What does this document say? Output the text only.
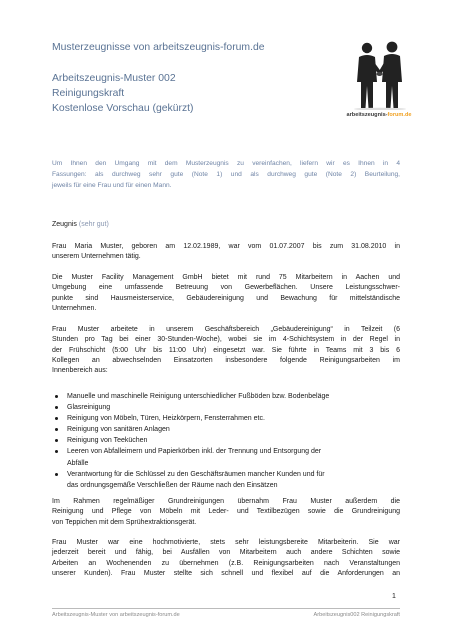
Musterzeugnisse von arbeitszeugnis-forum.de
Arbeitszeugnis-Muster 002
Reinigungskraft
Kostenlose Vorschau (gekürzt)
arbeitszeugnis-forum.de
Um Ihnen den Umgang mit dem Musterzeugnis zu vereinfachen, liefern wir es Ihnen in 4
Fassungen: als durchweg sehr gute (Note 1) und als durchweg gute (Note 2) Beurteilung,
jeweils für eine Frau und für einen Mann.
Zeugnis (sehr gut)
Frau Maria Muster, geboren am 12.02.1989, war vom 01.07.2007 bis zum 31.08.2010 in
unserem Unternehmen tätig.
Die Muster Facility Management GmbH bietet mit rund 75 Mitarbeitern in Aachen und
Umgebung eine umfassende Betreuung von Gewerbeflächen. Unsere Leistungsschwer-
punkte sind Hausmeisterservice, Gebäudereinigung und Bewachung für mittelständische
Unternehmen.
Frau Muster arbeitete in unserem Geschäftsbereich „Gebäudereinigung“ in Teilzeit (6
Stunden pro Tag bei einer 30-Stunden-Woche), wobei sie im 4-Schichtsystem in der Regel in
der Frühschicht (5:00 Uhr bis 11:00 Uhr) eingesetzt war. Sie führte in Teams mit 3 bis 6
Kollegen an abwechselnden Einsatzorten insbesondere folgende Reinigungsarbeiten im
Innenbereich aus:
Manuelle und maschinelle Reinigung unterschiedlicher Fußböden bzw. Bodenbeläge
Glasreinigung
Reinigung von Möbeln, Türen, Heizkörpern, Fensterrahmen etc.
Reinigung von sanitären Anlagen
Reinigung von Teeküchen
Leeren von Abfalleimern und Papierkörben inkl. der Trennung und Entsorgung der
Abfälle
Verantwortung für die Schlüssel zu den Geschäftsräumen mancher Kunden und für
das ordnungsgemäße Verschließen der Räume nach den Einsätzen
Im Rahmen regelmäßiger Grundreinigungen übernahm Frau Muster außerdem die
Reinigung und Pflege von Möbeln mit Leder- und Textilbezügen sowie die Grundreinigung
von Teppichen mit dem Sprühextraktionsgerät.
Frau Muster war eine hochmotivierte, stets sehr leistungsbereite Mitarbeiterin. Sie war
jederzeit bereit und fähig, bei Ausfällen von Mitarbeitern auch andere Schichten sowie
Arbeiten an Wochenenden zu übernehmen (z.B. Reinigungsarbeiten nach Veranstaltungen
unserer Kunden). Frau Muster stellte sich schnell und flexibel auf die Anforderungen an
1
Arbeitszeugnis-Muster von arbeitszeugnis-forum.de	Arbeitszeugnis002 Reinigungskraft
